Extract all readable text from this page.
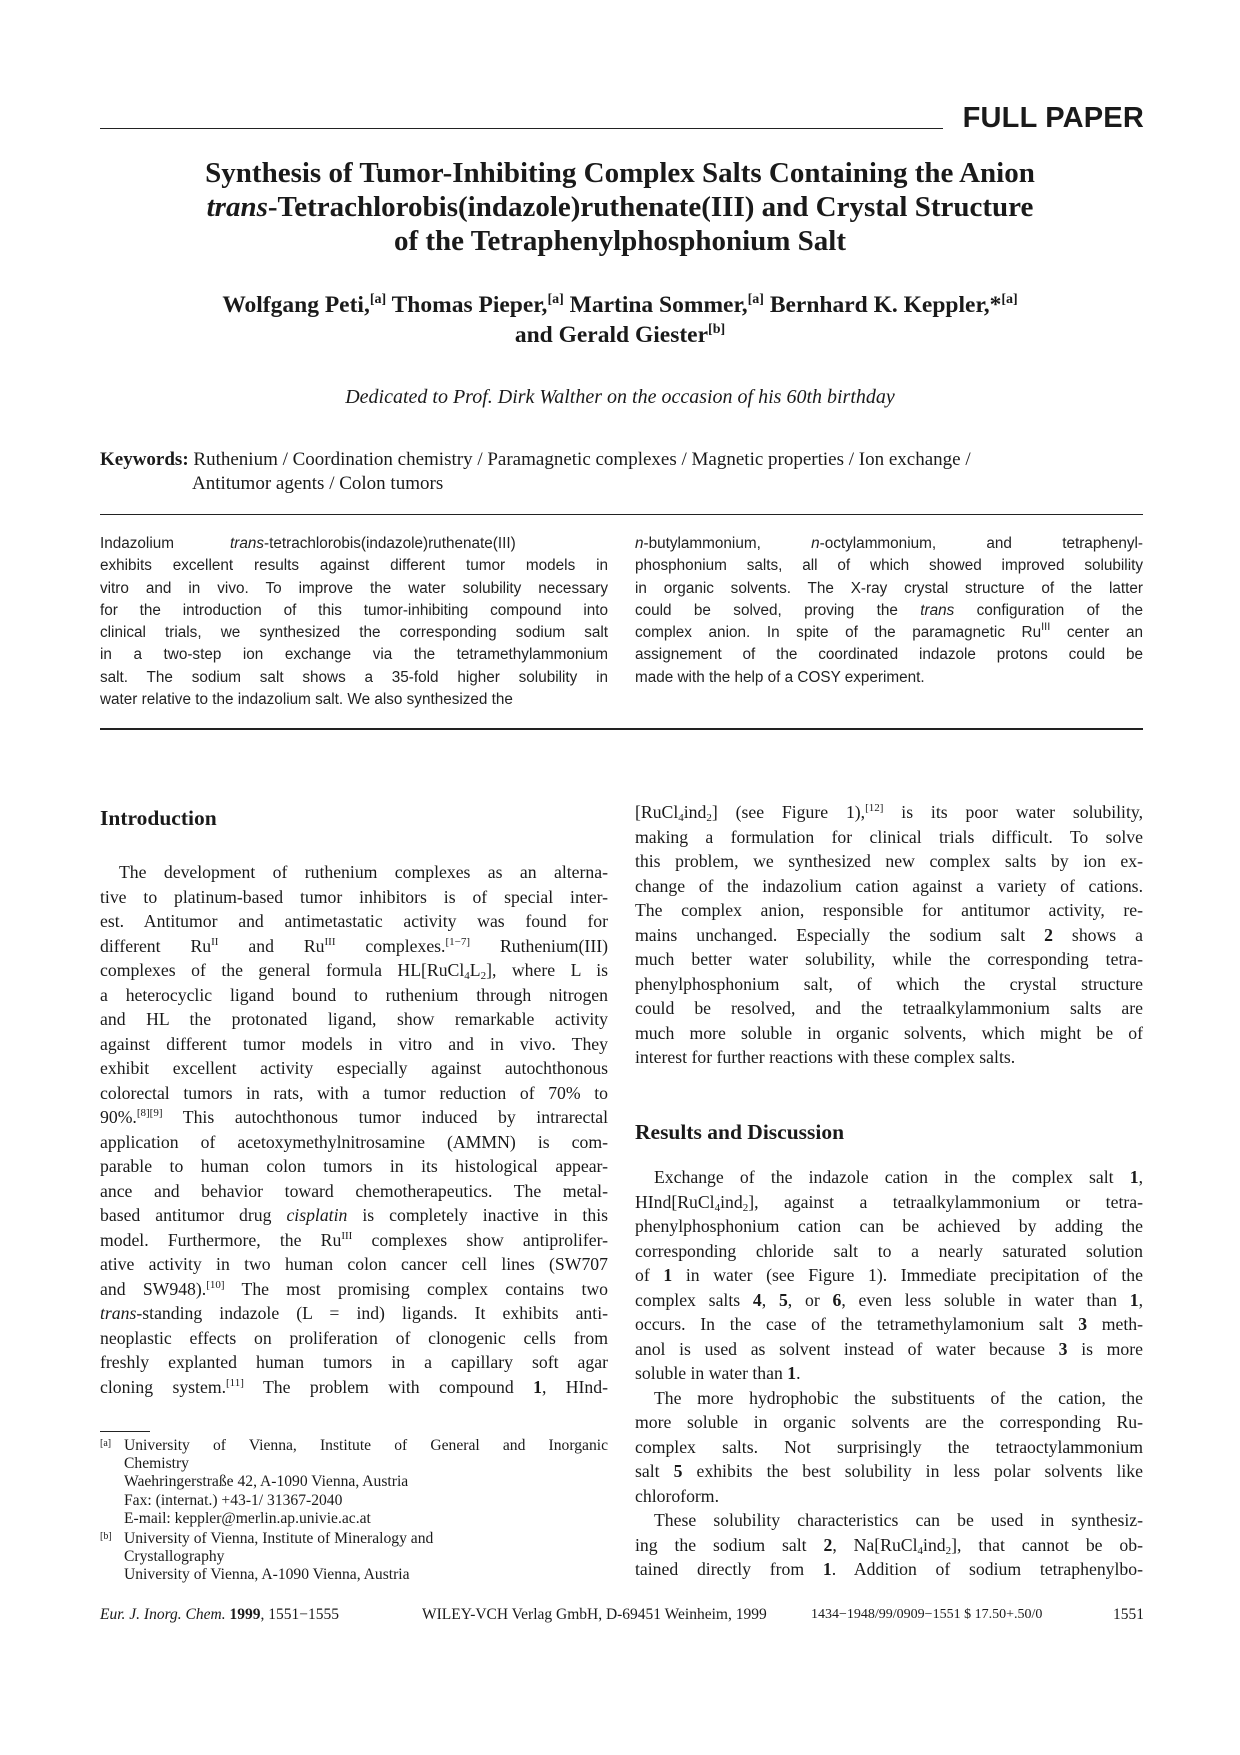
FULL PAPER
Synthesis of Tumor-Inhibiting Complex Salts Containing the Anion
trans-Tetrachlorobis(indazole)ruthenate(III) and Crystal Structure
of the Tetraphenylphosphonium Salt
Wolfgang Peti,[a] Thomas Pieper,[a] Martina Sommer,[a] Bernhard K. Keppler,*[a]
and Gerald Giester[b]
Dedicated to Prof. Dirk Walther on the occasion of his 60th birthday
Keywords: Ruthenium / Coordination chemistry / Paramagnetic complexes / Magnetic properties / Ion exchange /
Antitumor agents / Colon tumors
Indazolium	trans-tetrachlorobis(indazole)ruthenate(III)
exhibits excellent results against different tumor models in
vitro and in vivo. To improve the water solubility necessary
for the introduction of this tumor-inhibiting compound into
clinical trials, we synthesized the corresponding sodium salt
in a two-step ion exchange via the tetramethylammonium
salt. The sodium salt shows a 35-fold higher solubility in
water relative to the indazolium salt. We also synthesized the
n-butylammonium, n-octylammonium, and tetraphenyl-
phosphonium salts, all of which showed improved solubility
in organic solvents. The X-ray crystal structure of the latter
could be solved, proving the trans configuration of the
complex anion. In spite of the paramagnetic $Ru^{III}$ center an
assignement of the coordinated indazole protons could be
made with the help of a COSY experiment.
Introduction
The development of ruthenium complexes as an alterna-
tive to platinum-based tumor inhibitors is of special inter-
est. Antitumor and antimetastatic activity was found for
different $Ru^{II}$ and $Ru^{III}$ complexes.[1−7] Ruthenium(III)
complexes of the general formula $HL[RuCl_4L_2]$, where L is
a heterocyclic ligand bound to ruthenium through nitrogen
and HL the protonated ligand, show remarkable activity
against different tumor models in vitro and in vivo. They
exhibit excellent activity especially against autochthonous
colorectal tumors in rats, with a tumor reduction of 70% to
90%.[8][9] This autochthonous tumor induced by intrarectal
application of acetoxymethylnitrosamine (AMMN) is com-
parable to human colon tumors in its histological appear-
ance and behavior toward chemotherapeutics. The metal-
based antitumor drug cisplatin is completely inactive in this
model. Furthermore, the $Ru^{III}$ complexes show antiprolifer-
ative activity in two human colon cancer cell lines (SW707
and SW948).[10] The most promising complex contains two
trans-standing indazole (L = ind) ligands. It exhibits anti-
neoplastic effects on proliferation of clonogenic cells from
freshly explanted human tumors in a capillary soft agar
cloning system.[11] The problem with compound 1, HInd-
[a] University of Vienna, Institute of General and Inorganic
Chemistry
Waehringerstraße 42, A-1090 Vienna, Austria
Fax: (internat.) +43-1/ 31367-2040
E-mail: keppler@merlin.ap.univie.ac.at
[b] University of Vienna, Institute of Mineralogy and
Crystallography
University of Vienna, A-1090 Vienna, Austria
[RuCl$_4$ind$_2$] (see Figure 1),[12] is its poor water solubility,
making a formulation for clinical trials difficult. To solve
this problem, we synthesized new complex salts by ion ex-
change of the indazolium cation against a variety of cations.
The complex anion, responsible for antitumor activity, re-
mains unchanged. Especially the sodium salt 2 shows a
much better water solubility, while the corresponding tetra-
phenylphosphonium salt, of which the crystal structure
could be resolved, and the tetraalkylammonium salts are
much more soluble in organic solvents, which might be of
interest for further reactions with these complex salts.
Results and Discussion
Exchange of the indazole cation in the complex salt 1,
HInd[RuCl$_4$ind$_2$], against a tetraalkylammonium or tetra-
phenylphosphonium cation can be achieved by adding the
corresponding chloride salt to a nearly saturated solution
of 1 in water (see Figure 1). Immediate precipitation of the
complex salts 4, 5, or 6, even less soluble in water than 1,
occurs. In the case of the tetramethylamonium salt 3 meth-
anol is used as solvent instead of water because 3 is more
soluble in water than 1.
The more hydrophobic the substituents of the cation, the
more soluble in organic solvents are the corresponding Ru-
complex salts. Not surprisingly the tetraoctylammonium
salt 5 exhibits the best solubility in less polar solvents like
chloroform.
These solubility characteristics can be used in synthesiz-
ing the sodium salt 2, Na[RuCl$_4$ind$_2$], that cannot be ob-
tained directly from 1. Addition of sodium tetraphenylbo-
Eur. J. Inorg. Chem. 1999, 1551−1555	WILEY-VCH Verlag GmbH, D-69451 Weinheim, 1999	1434−1948/99/0909−1551 $ 17.50+.50/0	1551
